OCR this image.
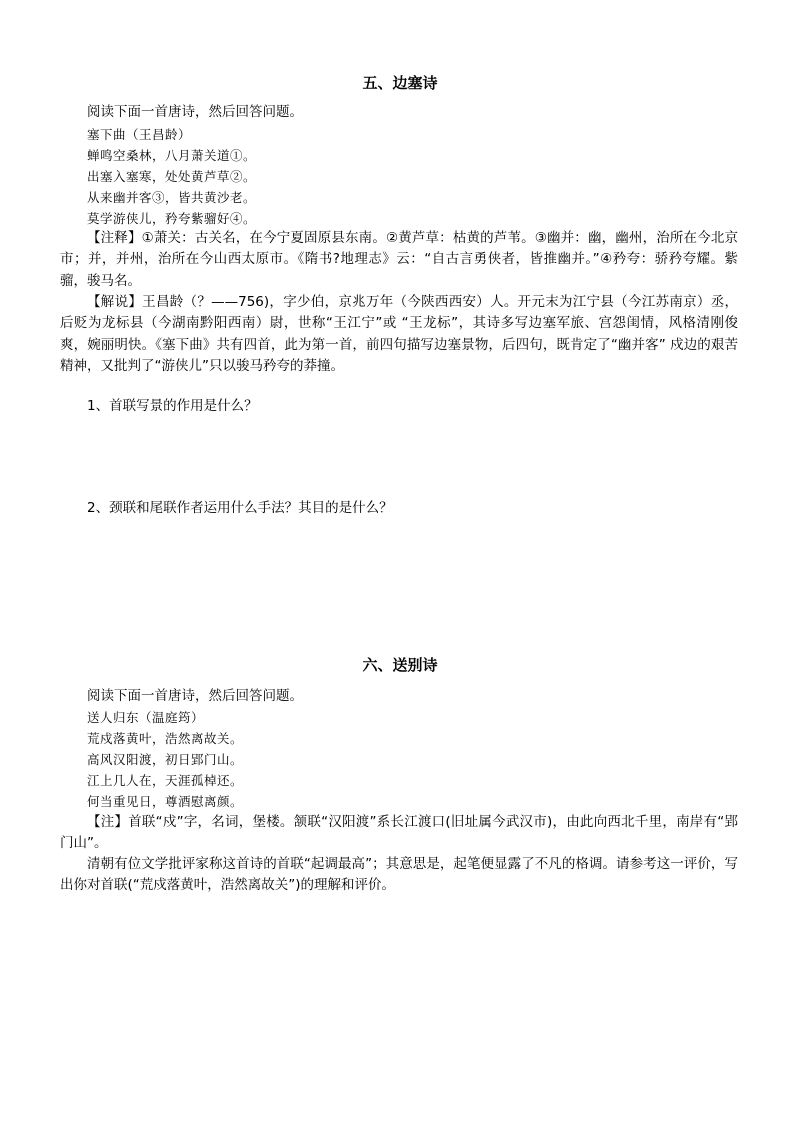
五、边塞诗
阅读下面一首唐诗，然后回答问题。
塞下曲（王昌龄）
蝉鸣空桑林，八月萧关道①。
出塞入塞寒，处处黄芦草②。
从来幽并客③，皆共黄沙老。
莫学游侠儿，矜夸紫骝好④。
【注释】①萧关：古关名，在今宁夏固原县东南。②黄芦草：枯黄的芦苇。③幽并：幽，幽州，治所在今北京市；并，并州，治所在今山西太原市。《隋书?地理志》云：“自古言勇侠者，皆推幽并。”④矜夸：骄矜夸耀。紫骝，骏马名。
【解说】王昌龄（？——756)，字少伯，京兆万年（今陕西西安）人。开元末为江宁县（今江苏南京）丞，后贬为龙标县（今湖南黔阳西南）尉，世称“王江宁”或 “王龙标”，其诗多写边塞军旅、宫怨闺情，风格清刚俊爽，婉丽明快。《塞下曲》共有四首，此为第一首，前四句描写边塞景物，后四句，既肯定了“幽并客” 戍边的艰苦精神，又批判了“游侠儿”只以骏马矜夸的莽撞。
1、首联写景的作用是什么？
2、颈联和尾联作者运用什么手法？其目的是什么？
六、送别诗
阅读下面一首唐诗，然后回答问题。
送人归东（温庭筠）
荒戍落黄叶，浩然离故关。
高风汉阳渡，初日郢门山。
江上几人在，天涯孤棹还。
何当重见日，尊酒慰离颜。
【注】首联“戍”字，名词，堡楼。颔联“汉阳渡”系长江渡口(旧址属今武汉市)，由此向西北千里，南岸有“郢门山”。
清朝有位文学批评家称这首诗的首联“起调最高”；其意思是，起笔便显露了不凡的格调。请参考这一评价，写出你对首联(“荒戍落黄叶，浩然离故关”)的理解和评价。
